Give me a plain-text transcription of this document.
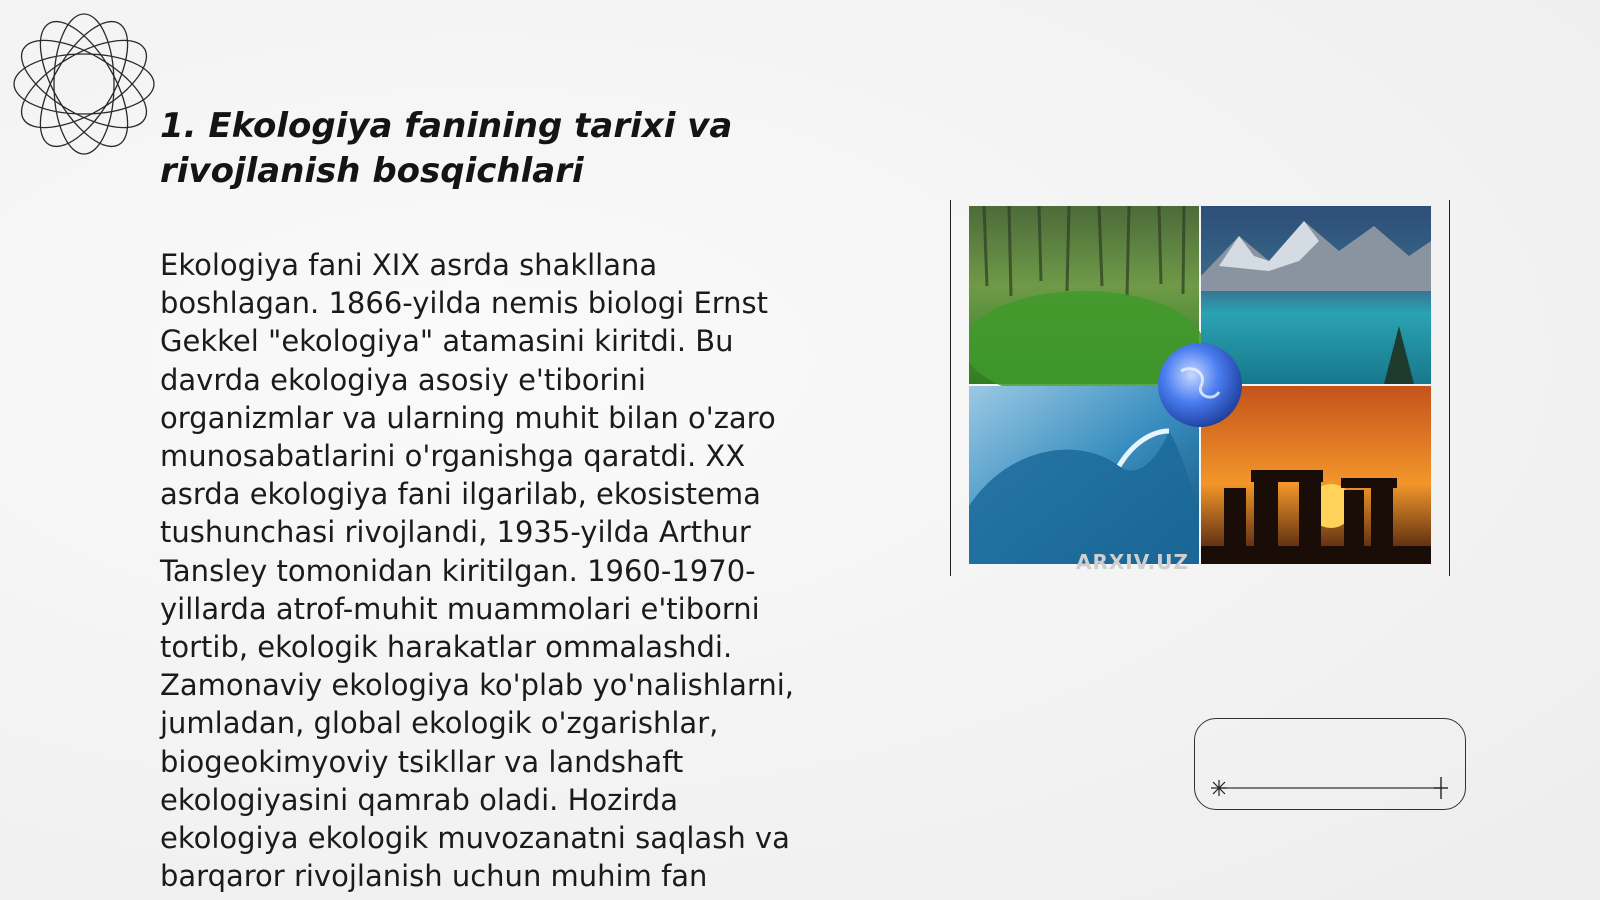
1. Ekologiya fanining tarixi va rivojlanish bosqichlari

Ekologiya fani XIX asrda shakllana boshlagan. 1866-yilda nemis biologi Ernst Gekkel "ekologiya" atamasini kiritdi. Bu davrda ekologiya asosiy e'tiborini organizmlar va ularning muhit bilan o'zaro munosabatlarini o'rganishga qaratdi. XX asrda ekologiya fani ilgarilab, ekosistema tushunchasi rivojlandi, 1935-yilda Arthur Tansley tomonidan kiritilgan. 1960-1970-yillarda atrof-muhit muammolari e'tiborni tortib, ekologik harakatlar ommalashdi. Zamonaviy ekologiya ko'plab yo'nalishlarni, jumladan, global ekologik o'zgarishlar, biogeokimyoviy tsikllar va landshaft ekologiyasini qamrab oladi. Hozirda ekologiya ekologik muvozanatni saqlash va barqaror rivojlanish uchun muhim fan

ARXIV.UZ
